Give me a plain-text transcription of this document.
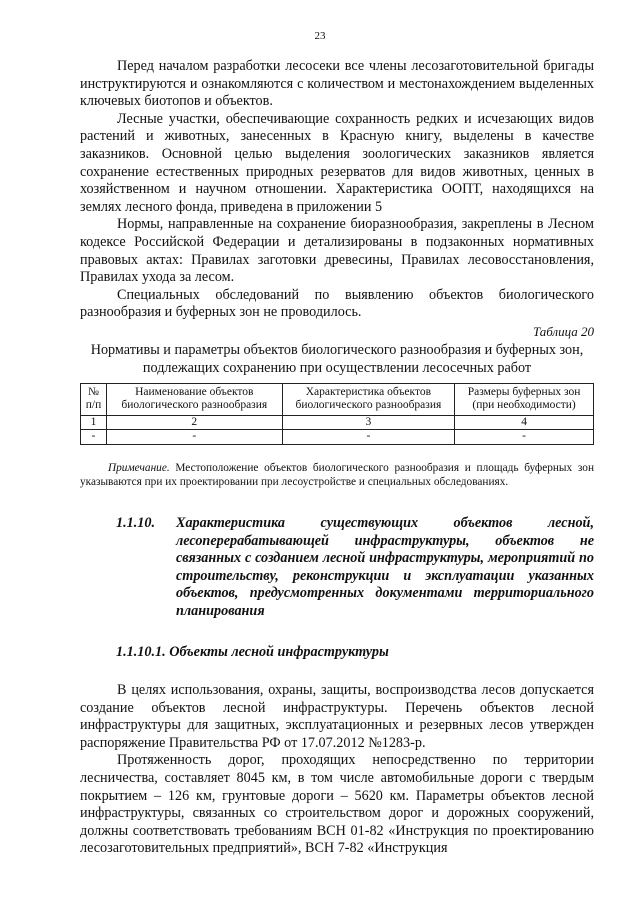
23

Перед началом разработки лесосеки все члены лесозаготовительной бригады инструктируются и ознакомляются с количеством и местонахождением выделенных ключевых биотопов и объектов.

Лесные участки, обеспечивающие сохранность редких и исчезающих видов растений и животных, занесенных в Красную книгу, выделены в качестве заказников. Основной целью выделения зоологических заказников является сохранение естественных природных резерватов для видов животных, ценных в хозяйственном и научном отношении. Характеристика ООПТ, находящихся на землях лесного фонда, приведена в приложении 5

Нормы, направленные на сохранение биоразнообразия, закреплены в Лесном кодексе Российской Федерации и детализированы в подзаконных нормативных правовых актах: Правилах заготовки древесины, Правилах лесовосстановления, Правилах ухода за лесом.

Специальных обследований по выявлению объектов биологического разнообразия и буферных зон не проводилось.

Таблица 20
Нормативы и параметры объектов биологического разнообразия и буферных зон, подлежащих сохранению при осуществлении лесосечных работ
№ п/п	Наименование объектов биологического разнообразия	Характеристика объектов биологического разнообразия	Размеры буферных зон (при необходимости)
1	2	3	4
-	-	-	-
Примечание. Местоположение объектов биологического разнообразия и площадь буферных зон указываются при их проектировании при лесоустройстве и специальных обследованиях.
1.1.10.	Характеристика существующих объектов лесной, лесоперерабатывающей инфраструктуры, объектов не связанных с созданием лесной инфраструктуры, мероприятий по строительству, реконструкции и эксплуатации указанных объектов, предусмотренных документами территориального планирования
1.1.10.1. Объекты лесной инфраструктуры

В целях использования, охраны, защиты, воспроизводства лесов допускается создание объектов лесной инфраструктуры. Перечень объектов лесной инфраструктуры для защитных, эксплуатационных и резервных лесов утвержден распоряжение Правительства РФ от 17.07.2012 №1283-р.

Протяженность дорог, проходящих непосредственно по территории лесничества, составляет 8045 км, в том числе автомобильные дороги с твердым покрытием – 126 км, грунтовые дороги – 5620 км. Параметры объектов лесной инфраструктуры, связанных со строительством дорог и дорожных сооружений, должны соответствовать требованиям ВСН 01-82 «Инструкция по проектированию лесозаготовительных предприятий», ВСН 7-82 «Инструкция
